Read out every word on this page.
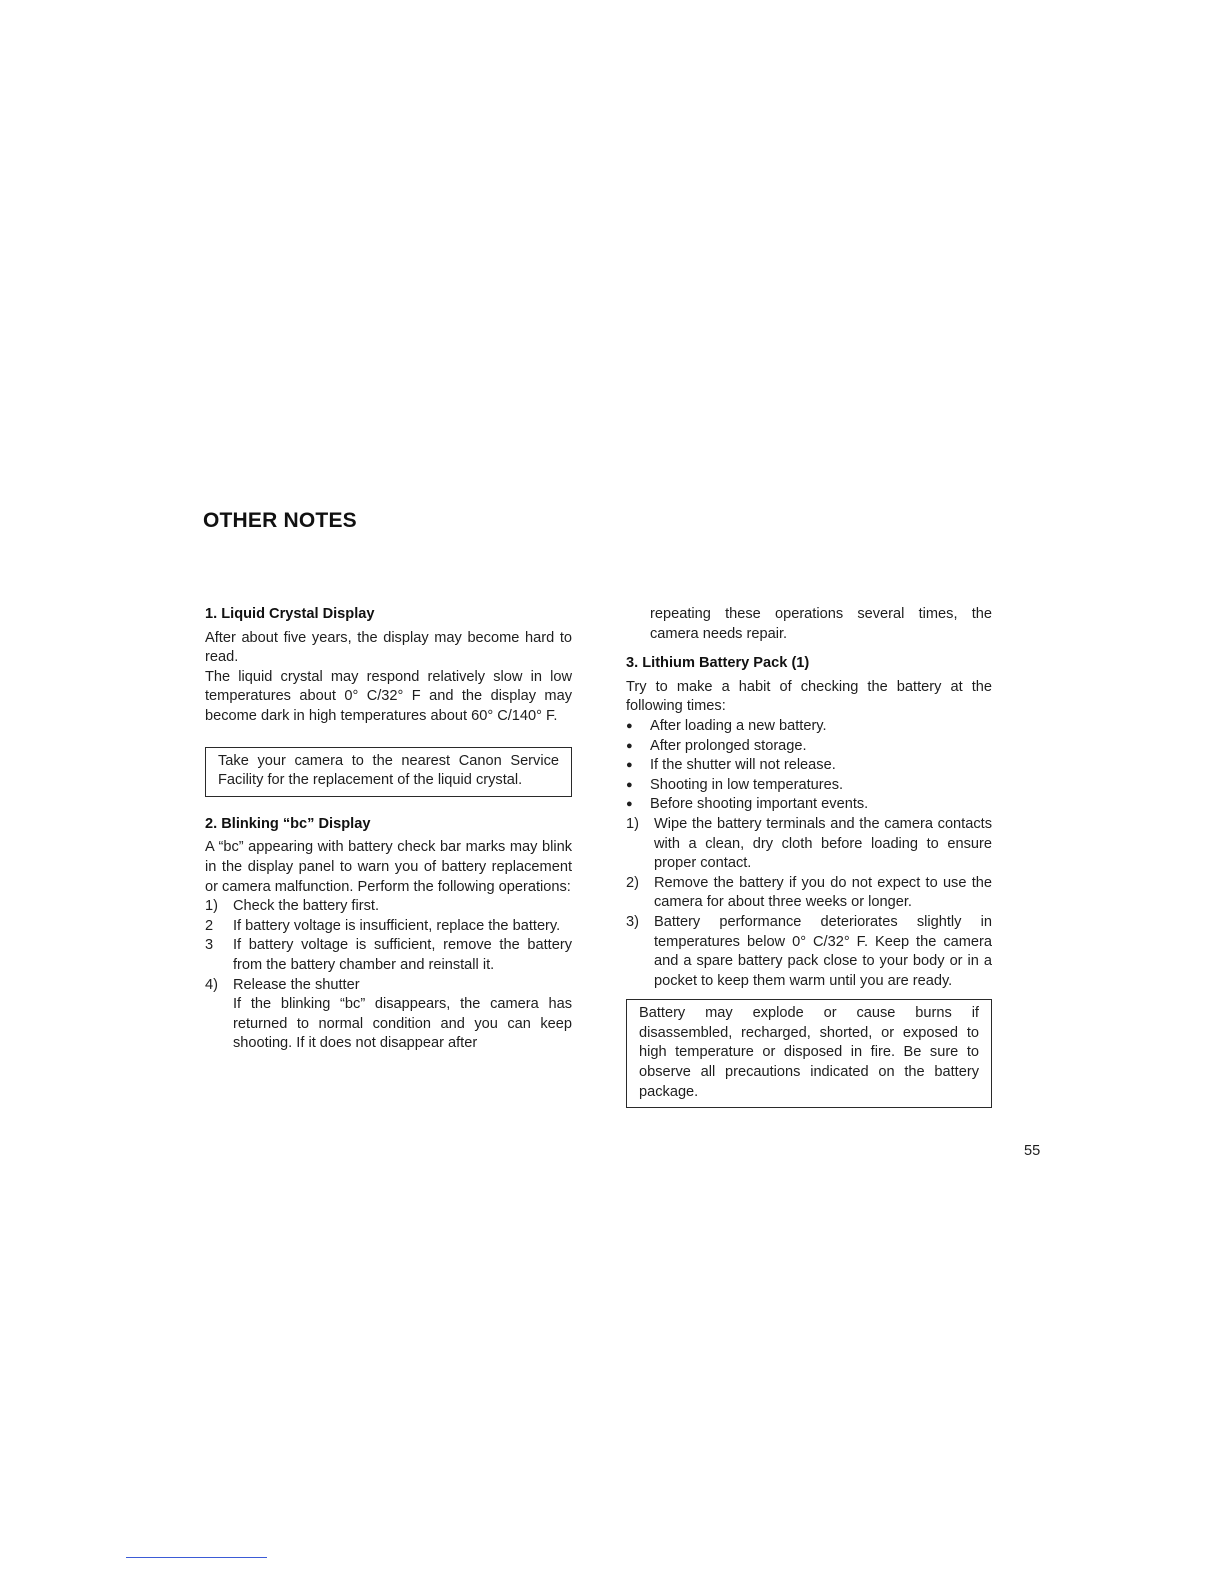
OTHER NOTES
1. Liquid Crystal Display

After about five years, the display may become hard to read.

The liquid crystal may respond relatively slow in low temperatures about 0° C/32° F and the display may become dark in high temperatures about 60° C/140° F.

Take your camera to the nearest Canon Service Facility for the replacement of the liquid crystal.
2. Blinking “bc” Display

A “bc” appearing with battery check bar marks may blink in the display panel to warn you of battery replacement or camera malfunction. Perform the following operations:

1)	Check the battery first.
2	If battery voltage is insufficient, replace the battery.
3	If battery voltage is sufficient, remove the battery from the battery chamber and reinstall it.
4)	Release the shutter

If the blinking “bc” disappears, the camera has returned to normal condition and you can keep shooting. If it does not disappear after

repeating these operations several times, the camera needs repair.

3. Lithium Battery Pack (1)

Try to make a habit of checking the battery at the following times:

●	After loading a new battery.
●	After prolonged storage.
●	If the shutter will not release.
●	Shooting in low temperatures.
●	Before shooting important events.
1)	Wipe the battery terminals and the camera contacts with a clean, dry cloth before loading to ensure proper contact.
2)	Remove the battery if you do not expect to use the camera for about three weeks or longer.
3)	Battery performance deteriorates slightly in temperatures below 0° C/32° F. Keep the camera and a spare battery pack close to your body or in a pocket to keep them warm until you are ready.
Battery may explode or cause burns if disassembled, recharged, shorted, or exposed to high temperature or disposed in fire. Be sure to observe all precautions indicated on the battery package.
55
